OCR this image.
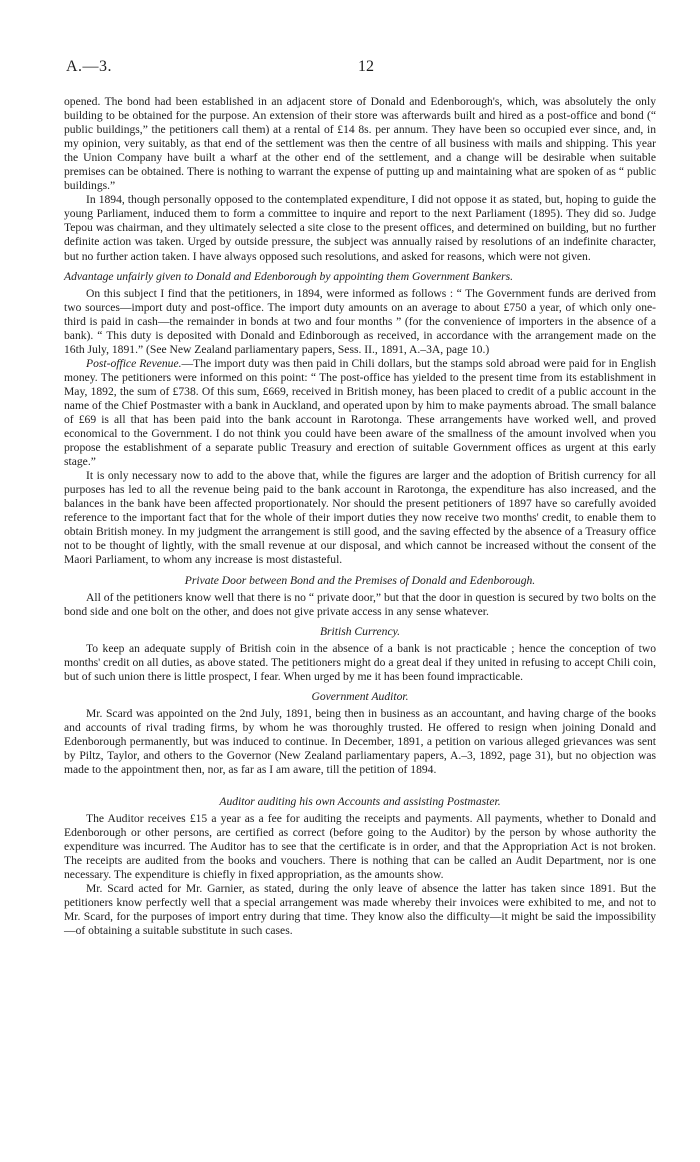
A.—3.	12

opened. The bond had been established in an adjacent store of Donald and Edenborough's, which, was absolutely the only building to be obtained for the purpose. An extension of their store was afterwards built and hired as a post-office and bond (“ public buildings,” the petitioners call them) at a rental of £14 8s. per annum. They have been so occupied ever since, and, in my opinion, very suitably, as that end of the settlement was then the centre of all business with mails and shipping. This year the Union Company have built a wharf at the other end of the settlement, and a change will be desirable when suitable premises can be obtained. There is nothing to warrant the expense of putting up and maintaining what are spoken of as “ public buildings.”

In 1894, though personally opposed to the contemplated expenditure, I did not oppose it as stated, but, hoping to guide the young Parliament, induced them to form a committee to inquire and report to the next Parliament (1895). They did so. Judge Tepou was chairman, and they ultimately selected a site close to the present offices, and determined on building, but no further definite action was taken. Urged by outside pressure, the subject was annually raised by resolutions of an indefinite character, but no further action taken. I have always opposed such resolutions, and asked for reasons, which were not given.

Advantage unfairly given to Donald and Edenborough by appointing them Government Bankers.

On this subject I find that the petitioners, in 1894, were informed as follows : “ The Government funds are derived from two sources—import duty and post-office. The import duty amounts on an average to about £750 a year, of which only one-third is paid in cash—the remainder in bonds at two and four months ” (for the convenience of importers in the absence of a bank). “ This duty is deposited with Donald and Edinborough as received, in accordance with the arrangement made on the 16th July, 1891.” (See New Zealand parliamentary papers, Sess. II., 1891, A.–3A, page 10.)

Post-office Revenue.—The import duty was then paid in Chili dollars, but the stamps sold abroad were paid for in English money. The petitioners were informed on this point: “ The post-office has yielded to the present time from its establishment in May, 1892, the sum of £738. Of this sum, £669, received in British money, has been placed to credit of a public account in the name of the Chief Postmaster with a bank in Auckland, and operated upon by him to make payments abroad. The small balance of £69 is all that has been paid into the bank account in Rarotonga. These arrangements have worked well, and proved economical to the Government. I do not think you could have been aware of the smallness of the amount involved when you propose the establishment of a separate public Treasury and erection of suitable Government offices as urgent at this early stage.”

It is only necessary now to add to the above that, while the figures are larger and the adoption of British currency for all purposes has led to all the revenue being paid to the bank account in Rarotonga, the expenditure has also increased, and the balances in the bank have been affected proportionately. Nor should the present petitioners of 1897 have so carefully avoided reference to the important fact that for the whole of their import duties they now receive two months' credit, to enable them to obtain British money. In my judgment the arrangement is still good, and the saving effected by the absence of a Treasury office not to be thought of lightly, with the small revenue at our disposal, and which cannot be increased without the consent of the Maori Parliament, to whom any increase is most distasteful.

Private Door between Bond and the Premises of Donald and Edenborough.

All of the petitioners know well that there is no “ private door,” but that the door in question is secured by two bolts on the bond side and one bolt on the other, and does not give private access in any sense whatever.

British Currency.

To keep an adequate supply of British coin in the absence of a bank is not practicable ; hence the conception of two months' credit on all duties, as above stated. The petitioners might do a great deal if they united in refusing to accept Chili coin, but of such union there is little prospect, I fear. When urged by me it has been found impracticable.

Government Auditor.

Mr. Scard was appointed on the 2nd July, 1891, being then in business as an accountant, and having charge of the books and accounts of rival trading firms, by whom he was thoroughly trusted. He offered to resign when joining Donald and Edenborough permanently, but was induced to continue. In December, 1891, a petition on various alleged grievances was sent by Piltz, Taylor, and others to the Governor (New Zealand parliamentary papers, A.–3, 1892, page 31), but no objection was made to the appointment then, nor, as far as I am aware, till the petition of 1894.

Auditor auditing his own Accounts and assisting Postmaster.

The Auditor receives £15 a year as a fee for auditing the receipts and payments. All payments, whether to Donald and Edenborough or other persons, are certified as correct (before going to the Auditor) by the person by whose authority the expenditure was incurred. The Auditor has to see that the certificate is in order, and that the Appropriation Act is not broken. The receipts are audited from the books and vouchers. There is nothing that can be called an Audit Department, nor is one necessary. The expenditure is chiefly in fixed appropriation, as the amounts show.

Mr. Scard acted for Mr. Garnier, as stated, during the only leave of absence the latter has taken since 1891. But the petitioners know perfectly well that a special arrangement was made whereby their invoices were exhibited to me, and not to Mr. Scard, for the purposes of import entry during that time. They know also the difficulty—it might be said the impossibility—of obtaining a suitable substitute in such cases.
